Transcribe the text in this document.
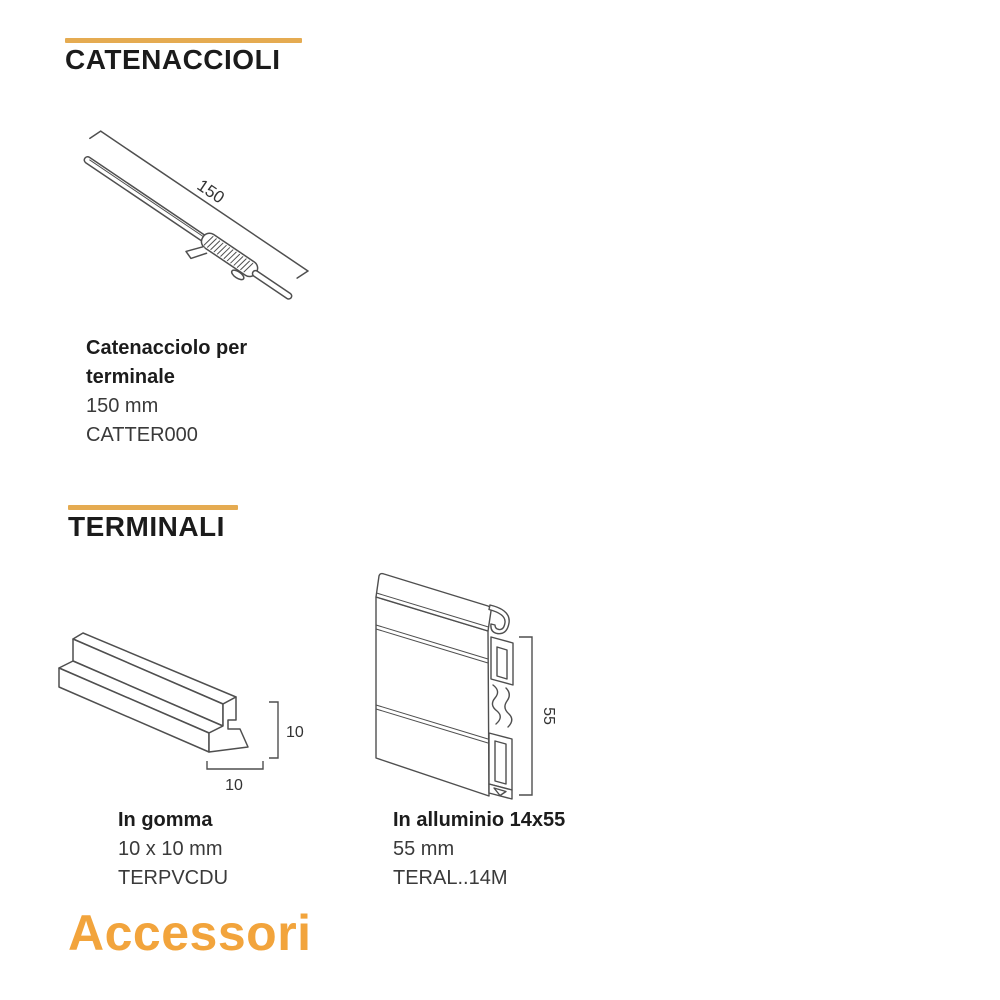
CATENACCIOLI
150
Catenacciolo per
terminale
150 mm
CATTER000
TERMINALI
10
10
In gomma
10 x 10 mm
TERPVCDU
55
In alluminio 14x55
55 mm
TERAL..14M
Accessori
